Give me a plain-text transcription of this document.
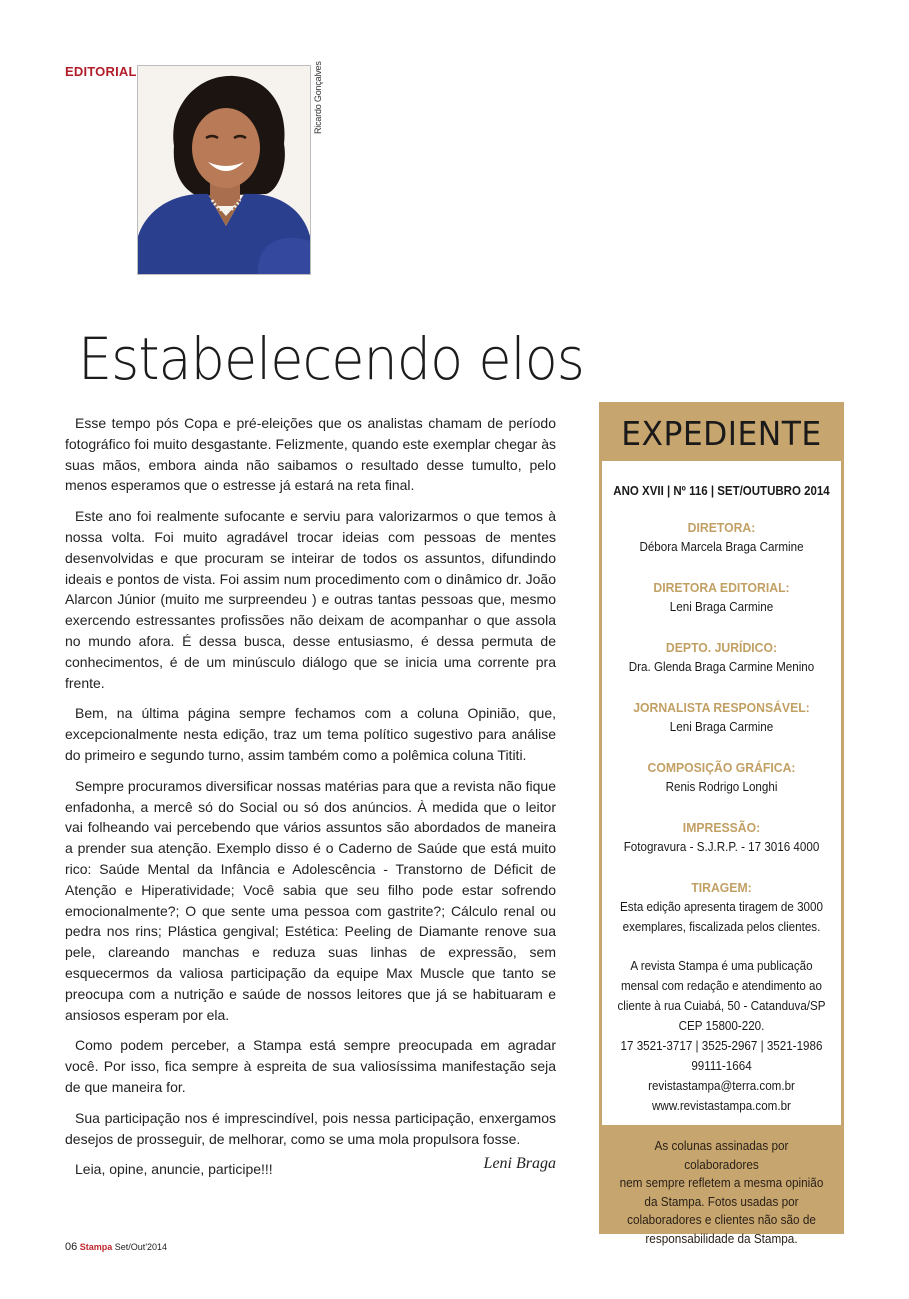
EDITORIAL	Ricardo Gonçalves
Estabelecendo elos

Esse tempo pós Copa e pré-eleições que os analistas chamam de período fotográfico foi muito desgastante. Felizmente, quando este exemplar chegar às suas mãos, embora ainda não saibamos o resultado desse tumulto, pelo menos esperamos que o estresse já estará na reta final.

Este ano foi realmente sufocante e serviu para valorizarmos o que temos à nossa volta. Foi muito agradável trocar ideias com pessoas de mentes desenvolvidas e que procuram se inteirar de todos os assuntos, difundindo ideais e pontos de vista. Foi assim num procedimento com o dinâmico dr. João Alarcon Júnior (muito me surpreendeu ) e outras tantas pessoas que, mesmo exercendo estressantes profissões não deixam de acompanhar o que assola no mundo afora. É dessa busca, desse entusiasmo, é dessa permuta de conhecimentos, é de um minúsculo diálogo que se inicia uma corrente pra frente.

Bem, na última página sempre fechamos com a coluna Opinião, que, excepcionalmente nesta edição, traz um tema político sugestivo para análise do primeiro e segundo turno, assim também como a polêmica coluna Tititi.

Sempre procuramos diversificar nossas matérias para que a revista não fique enfadonha, a mercê só do Social ou só dos anúncios. À medida que o leitor vai folheando vai percebendo que vários assuntos são abordados de maneira a prender sua atenção. Exemplo disso é o Caderno de Saúde que está muito rico: Saúde Mental da Infância e Adolescência - Transtorno de Déficit de Atenção e Hiperatividade; Você sabia que seu filho pode estar sofrendo emocionalmente?; O que sente uma pessoa com gastrite?; Cálculo renal ou pedra nos rins; Plástica gengival; Estética: Peeling de Diamante renove sua pele, clareando manchas e reduza suas linhas de expressão, sem esquecermos da valiosa participação da equipe Max Muscle que tanto se preocupa com a nutrição e saúde de nossos leitores que já se habituaram e ansiosos esperam por ela.

Como podem perceber, a Stampa está sempre preocupada em agradar você. Por isso, fica sempre à espreita de sua valiosíssima manifestação seja de que maneira for.

Sua participação nos é imprescindível, pois nessa participação, enxergamos desejos de prosseguir, de melhorar, como se uma mola propulsora fosse.

Leia, opine, anuncie, participe!!!	Leni Braga
06 Stampa Set/Out'2014
EXPEDIENTE
ANO XVII | Nº 116 | SET/OUTUBRO 2014
DIRETORA:
Débora Marcela Braga Carmine
DIRETORA EDITORIAL:
Leni Braga Carmine
DEPTO. JURÍDICO:
Dra. Glenda Braga Carmine Menino
JORNALISTA RESPONSÁVEL:
Leni Braga Carmine
COMPOSIÇÃO GRÁFICA:
Renis Rodrigo Longhi
IMPRESSÃO:
Fotogravura - S.J.R.P. - 17 3016 4000
TIRAGEM:
Esta edição apresenta tiragem de 3000
exemplares, fiscalizada pelos clientes.
A revista Stampa é uma publicação
mensal com redação e atendimento ao
cliente à rua Cuiabá, 50 - Catanduva/SP
CEP 15800-220.
17 3521-3717 | 3525-2967 | 3521-1986
99111-1664
revistastampa@terra.com.br
www.revistastampa.com.br
As colunas assinadas por colaboradores
nem sempre refletem a mesma opinião
da Stampa. Fotos usadas por
colaboradores e clientes não são de
responsabilidade da Stampa.
